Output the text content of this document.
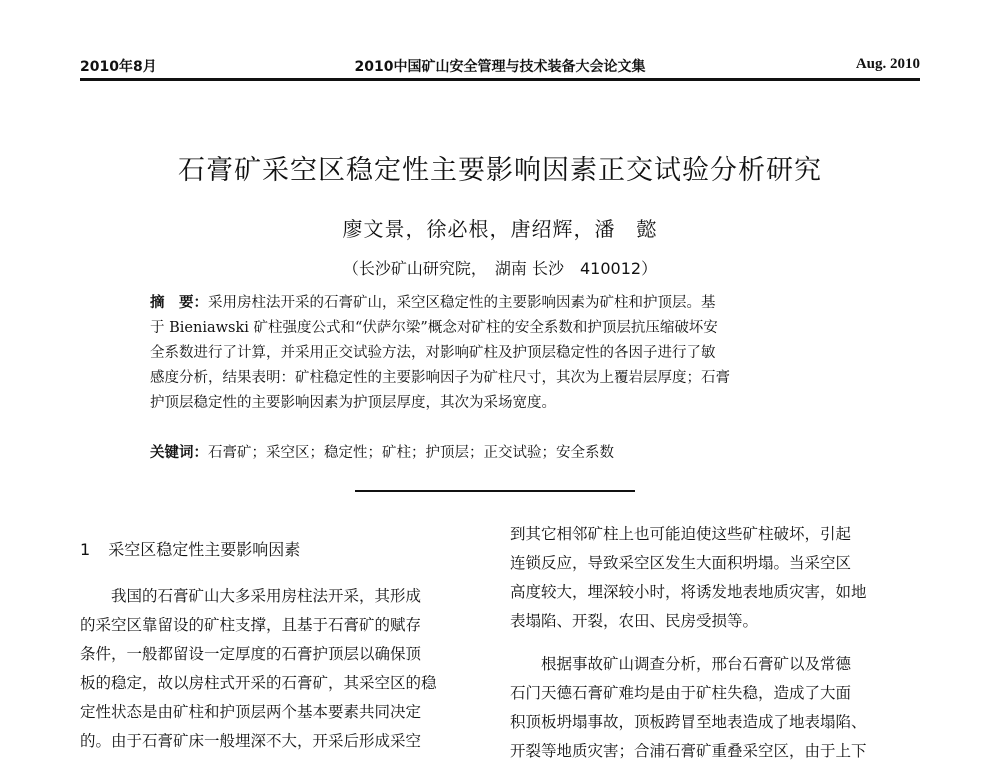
2010年8月	2010中国矿山安全管理与技术装备大会论文集	Aug. 2010
石膏矿采空区稳定性主要影响因素正交试验分析研究
廖文景，徐必根，唐绍辉，潘　懿
（长沙矿山研究院，　湖南 长沙　410012）
摘　要：采用房柱法开采的石膏矿山，采空区稳定性的主要影响因素为矿柱和护顶层。基
于 Bieniawski 矿柱强度公式和“伏萨尔梁”概念对矿柱的安全系数和护顶层抗压缩破坏安
全系数进行了计算，并采用正交试验方法，对影响矿柱及护顶层稳定性的各因子进行了敏
感度分析，结果表明：矿柱稳定性的主要影响因子为矿柱尺寸，其次为上覆岩层厚度；石膏
护顶层稳定性的主要影响因素为护顶层厚度，其次为采场宽度。
关键词：石膏矿；采空区；稳定性；矿柱；护顶层；正交试验；安全系数
1 采空区稳定性主要影响因素
　　我国的石膏矿山大多采用房柱法开采，其形成
的采空区靠留设的矿柱支撑，且基于石膏矿的赋存
条件，一般都留设一定厚度的石膏护顶层以确保顶
板的稳定，故以房柱式开采的石膏矿，其采空区的稳
定性状态是由矿柱和护顶层两个基本要素共同决定
的。由于石膏矿床一般埋深不大，开采后形成采空
到其它相邻矿柱上也可能迫使这些矿柱破坏，引起
连锁反应，导致采空区发生大面积坍塌。当采空区
高度较大，埋深较小时，将诱发地表地质灾害，如地
表塌陷、开裂，农田、民房受损等。
　　根据事故矿山调查分析，邢台石膏矿以及常德
石门天德石膏矿难均是由于矿柱失稳，造成了大面
积顶板坍塌事故，顶板跨冒至地表造成了地表塌陷、
开裂等地质灾害；合浦石膏矿重叠采空区，由于上下
